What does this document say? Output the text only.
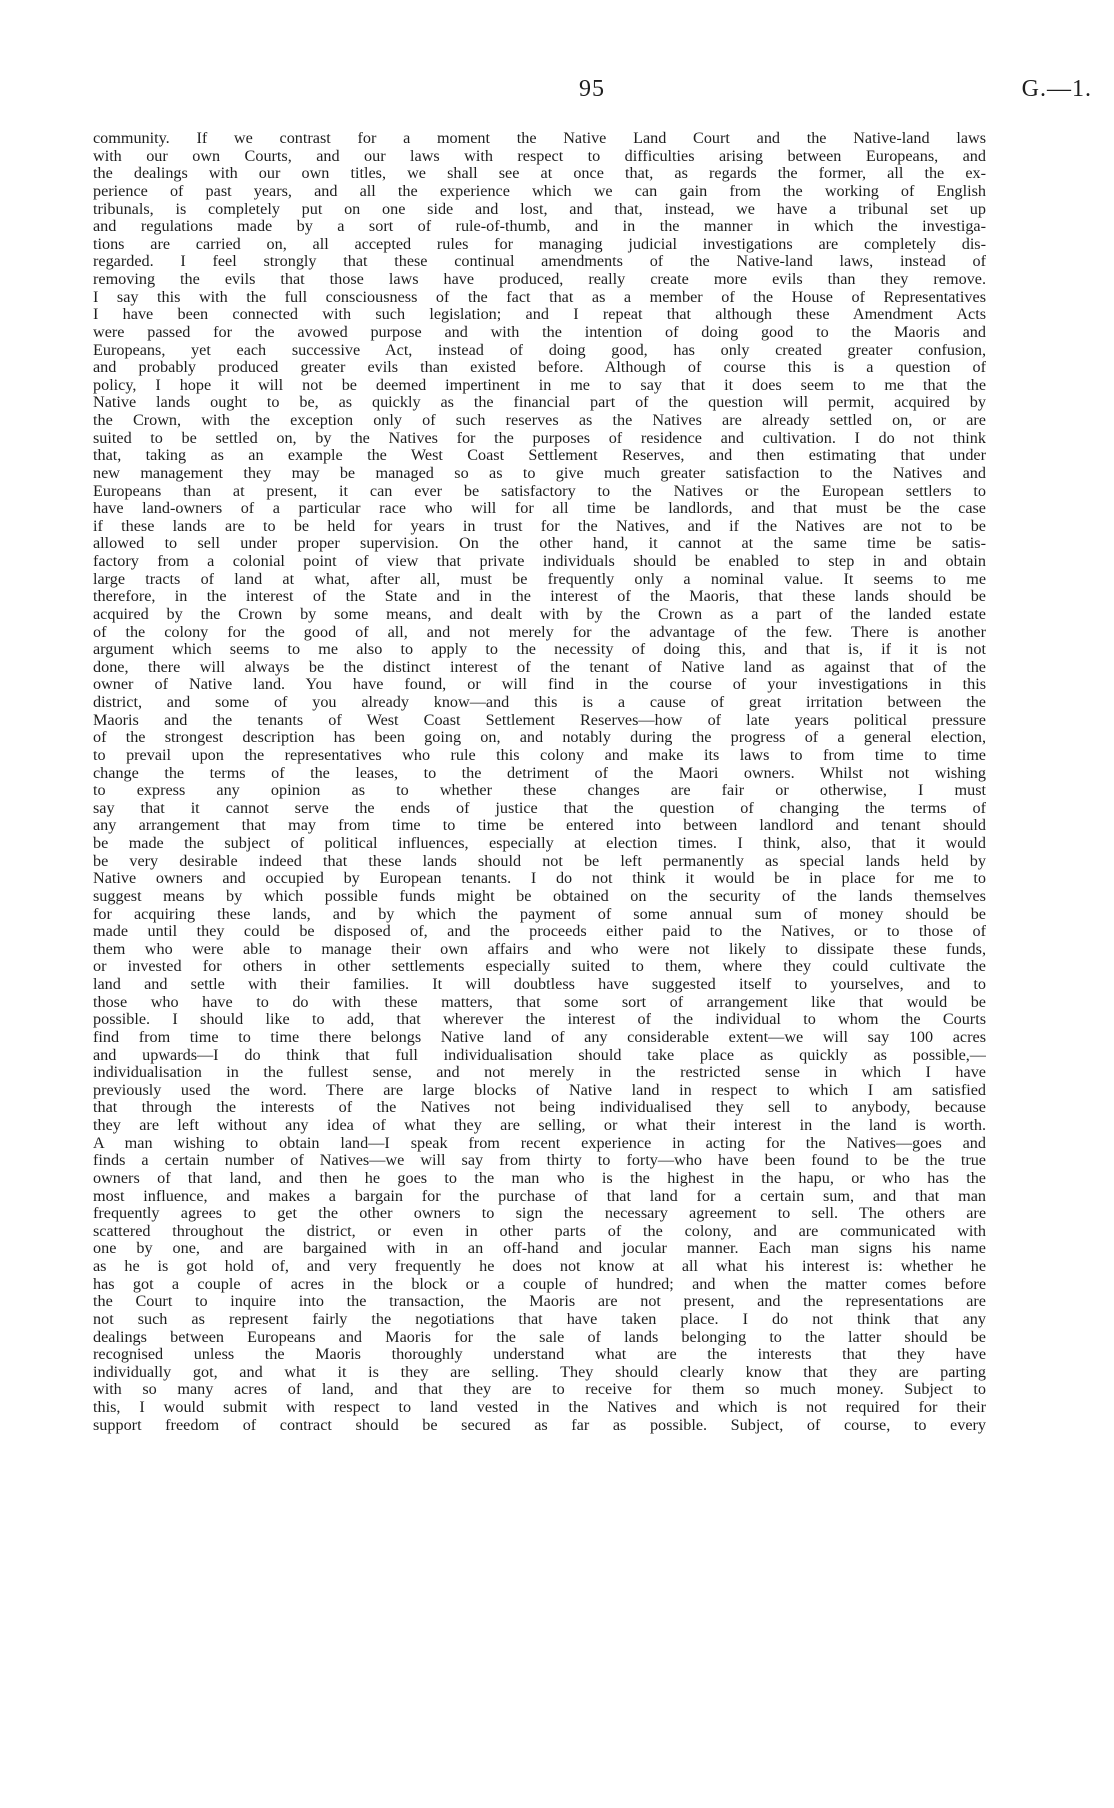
95	G.—1.
community. If we contrast for a moment the Native Land Court and the Native-land laws
with our own Courts, and our laws with respect to difficulties arising between Europeans, and
the dealings with our own titles, we shall see at once that, as regards the former, all the ex-
perience of past years, and all the experience which we can gain from the working of English
tribunals, is completely put on one side and lost, and that, instead, we have a tribunal set up
and regulations made by a sort of rule-of-thumb, and in the manner in which the investiga-
tions are carried on, all accepted rules for managing judicial investigations are completely dis-
regarded. I feel strongly that these continual amendments of the Native-land laws, instead of
removing the evils that those laws have produced, really create more evils than they remove.
I say this with the full consciousness of the fact that as a member of the House of Representatives
I have been connected with such legislation; and I repeat that although these Amendment Acts
were passed for the avowed purpose and with the intention of doing good to the Maoris and
Europeans, yet each successive Act, instead of doing good, has only created greater confusion,
and probably produced greater evils than existed before. Although of course this is a question of
policy, I hope it will not be deemed impertinent in me to say that it does seem to me that the
Native lands ought to be, as quickly as the financial part of the question will permit, acquired by
the Crown, with the exception only of such reserves as the Natives are already settled on, or are
suited to be settled on, by the Natives for the purposes of residence and cultivation. I do not think
that, taking as an example the West Coast Settlement Reserves, and then estimating that under
new management they may be managed so as to give much greater satisfaction to the Natives and
Europeans than at present, it can ever be satisfactory to the Natives or the European settlers to
have land-owners of a particular race who will for all time be landlords, and that must be the case
if these lands are to be held for years in trust for the Natives, and if the Natives are not to be
allowed to sell under proper supervision. On the other hand, it cannot at the same time be satis-
factory from a colonial point of view that private individuals should be enabled to step in and obtain
large tracts of land at what, after all, must be frequently only a nominal value. It seems to me
therefore, in the interest of the State and in the interest of the Maoris, that these lands should be
acquired by the Crown by some means, and dealt with by the Crown as a part of the landed estate
of the colony for the good of all, and not merely for the advantage of the few. There is another
argument which seems to me also to apply to the necessity of doing this, and that is, if it is not
done, there will always be the distinct interest of the tenant of Native land as against that of the
owner of Native land. You have found, or will find in the course of your investigations in this
district, and some of you already know—and this is a cause of great irritation between the
Maoris and the tenants of West Coast Settlement Reserves—how of late years political pressure
of the strongest description has been going on, and notably during the progress of a general election,
to prevail upon the representatives who rule this colony and make its laws to from time to time
change the terms of the leases, to the detriment of the Maori owners. Whilst not wishing
to express any opinion as to whether these changes are fair or otherwise, I must
say that it cannot serve the ends of justice that the question of changing the terms of
any arrangement that may from time to time be entered into between landlord and tenant should
be made the subject of political influences, especially at election times. I think, also, that it would
be very desirable indeed that these lands should not be left permanently as special lands held by
Native owners and occupied by European tenants. I do not think it would be in place for me to
suggest means by which possible funds might be obtained on the security of the lands themselves
for acquiring these lands, and by which the payment of some annual sum of money should be
made until they could be disposed of, and the proceeds either paid to the Natives, or to those of
them who were able to manage their own affairs and who were not likely to dissipate these funds,
or invested for others in other settlements especially suited to them, where they could cultivate the
land and settle with their families. It will doubtless have suggested itself to yourselves, and to
those who have to do with these matters, that some sort of arrangement like that would be
possible. I should like to add, that wherever the interest of the individual to whom the Courts
find from time to time there belongs Native land of any considerable extent—we will say 100 acres
and upwards—I do think that full individualisation should take place as quickly as possible,—
individualisation in the fullest sense, and not merely in the restricted sense in which I have
previously used the word. There are large blocks of Native land in respect to which I am satisfied
that through the interests of the Natives not being individualised they sell to anybody, because
they are left without any idea of what they are selling, or what their interest in the land is worth.
A man wishing to obtain land—I speak from recent experience in acting for the Natives—goes and
finds a certain number of Natives—we will say from thirty to forty—who have been found to be the true
owners of that land, and then he goes to the man who is the highest in the hapu, or who has the
most influence, and makes a bargain for the purchase of that land for a certain sum, and that man
frequently agrees to get the other owners to sign the necessary agreement to sell. The others are
scattered throughout the district, or even in other parts of the colony, and are communicated with
one by one, and are bargained with in an off-hand and jocular manner. Each man signs his name
as he is got hold of, and very frequently he does not know at all what his interest is: whether he
has got a couple of acres in the block or a couple of hundred; and when the matter comes before
the Court to inquire into the transaction, the Maoris are not present, and the representations are
not such as represent fairly the negotiations that have taken place. I do not think that any
dealings between Europeans and Maoris for the sale of lands belonging to the latter should be
recognised unless the Maoris thoroughly understand what are the interests that they have
individually got, and what it is they are selling. They should clearly know that they are parting
with so many acres of land, and that they are to receive for them so much money. Subject to
this, I would submit with respect to land vested in the Natives and which is not required for their
support freedom of contract should be secured as far as possible. Subject, of course, to every
